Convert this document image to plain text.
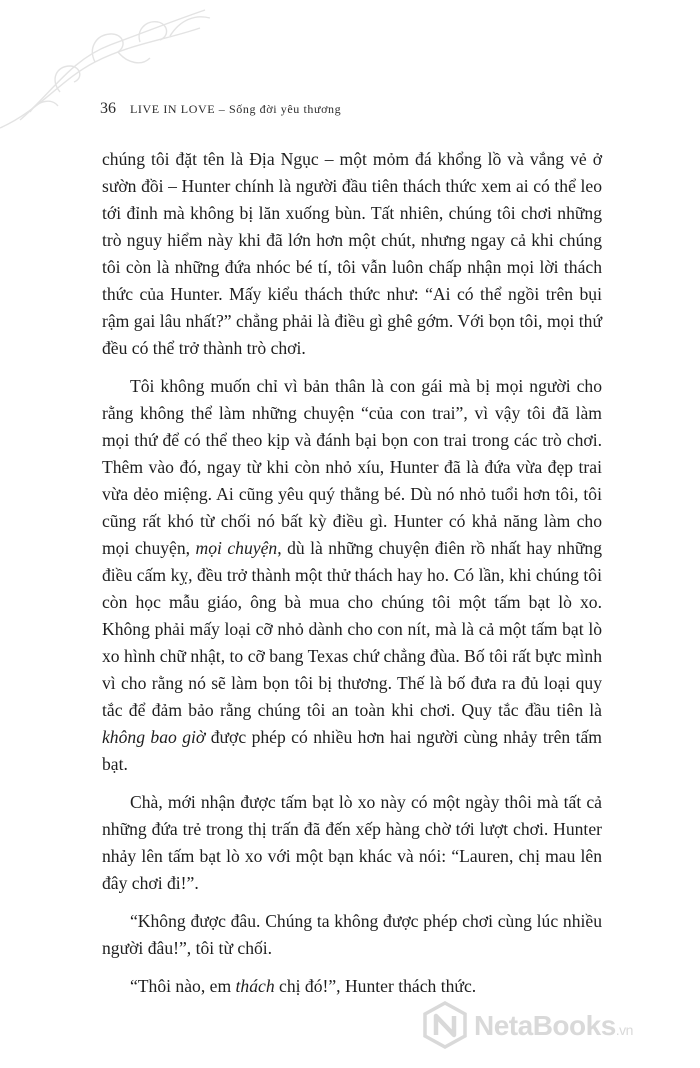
36 LIVE IN LOVE – Sống đời yêu thương

chúng tôi đặt tên là Địa Ngục – một mỏm đá khổng lồ và vắng vẻ ở sườn đồi – Hunter chính là người đầu tiên thách thức xem ai có thể leo tới đỉnh mà không bị lăn xuống bùn. Tất nhiên, chúng tôi chơi những trò nguy hiểm này khi đã lớn hơn một chút, nhưng ngay cả khi chúng tôi còn là những đứa nhóc bé tí, tôi vẫn luôn chấp nhận mọi lời thách thức của Hunter. Mấy kiểu thách thức như: “Ai có thể ngồi trên bụi rậm gai lâu nhất?” chẳng phải là điều gì ghê gớm. Với bọn tôi, mọi thứ đều có thể trở thành trò chơi.

Tôi không muốn chỉ vì bản thân là con gái mà bị mọi người cho rằng không thể làm những chuyện “của con trai”, vì vậy tôi đã làm mọi thứ để có thể theo kịp và đánh bại bọn con trai trong các trò chơi. Thêm vào đó, ngay từ khi còn nhỏ xíu, Hunter đã là đứa vừa đẹp trai vừa dẻo miệng. Ai cũng yêu quý thằng bé. Dù nó nhỏ tuổi hơn tôi, tôi cũng rất khó từ chối nó bất kỳ điều gì. Hunter có khả năng làm cho mọi chuyện, mọi chuyện, dù là những chuyện điên rồ nhất hay những điều cấm kỵ, đều trở thành một thử thách hay ho. Có lần, khi chúng tôi còn học mẫu giáo, ông bà mua cho chúng tôi một tấm bạt lò xo. Không phải mấy loại cỡ nhỏ dành cho con nít, mà là cả một tấm bạt lò xo hình chữ nhật, to cỡ bang Texas chứ chẳng đùa. Bố tôi rất bực mình vì cho rằng nó sẽ làm bọn tôi bị thương. Thế là bố đưa ra đủ loại quy tắc để đảm bảo rằng chúng tôi an toàn khi chơi. Quy tắc đầu tiên là không bao giờ được phép có nhiều hơn hai người cùng nhảy trên tấm bạt.

Chà, mới nhận được tấm bạt lò xo này có một ngày thôi mà tất cả những đứa trẻ trong thị trấn đã đến xếp hàng chờ tới lượt chơi. Hunter nhảy lên tấm bạt lò xo với một bạn khác và nói: “Lauren, chị mau lên đây chơi đi!”.

“Không được đâu. Chúng ta không được phép chơi cùng lúc nhiều người đâu!”, tôi từ chối.

“Thôi nào, em thách chị đó!”, Hunter thách thức.

NetaBooks.vn
